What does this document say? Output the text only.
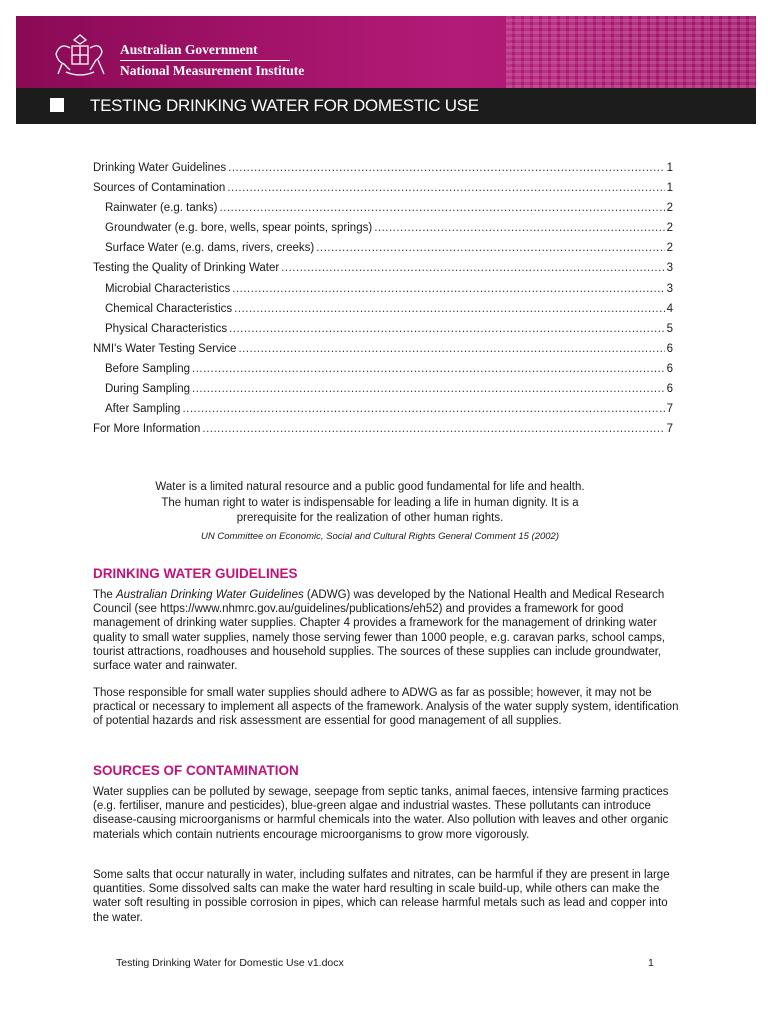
Australian Government
National Measurement Institute
TESTING DRINKING WATER FOR DOMESTIC USE
Drinking Water Guidelines .....	1
Sources of Contamination .....	1
Rainwater (e.g. tanks) .....	2
Groundwater (e.g. bore, wells, spear points, springs) .....	2
Surface Water (e.g. dams, rivers, creeks) .....	2
Testing the Quality of Drinking Water .....	3
Microbial Characteristics .....	3
Chemical Characteristics .....	4
Physical Characteristics .....	5
NMI's Water Testing Service .....	6
Before Sampling .....	6
During Sampling .....	6
After Sampling .....	7
For More Information .....	7
Water is a limited natural resource and a public good fundamental for life and health. The human right to water is indispensable for leading a life in human dignity. It is a prerequisite for the realization of other human rights.
UN Committee on Economic, Social and Cultural Rights General Comment 15 (2002)
DRINKING WATER GUIDELINES

The Australian Drinking Water Guidelines (ADWG) was developed by the National Health and Medical Research Council (see https://www.nhmrc.gov.au/guidelines/publications/eh52) and provides a framework for good management of drinking water supplies. Chapter 4 provides a framework for the management of drinking water quality to small water supplies, namely those serving fewer than 1000 people, e.g. caravan parks, school camps, tourist attractions, roadhouses and household supplies. The sources of these supplies can include groundwater, surface water and rainwater.

Those responsible for small water supplies should adhere to ADWG as far as possible; however, it may not be practical or necessary to implement all aspects of the framework. Analysis of the water supply system, identification of potential hazards and risk assessment are essential for good management of all supplies.

SOURCES OF CONTAMINATION

Water supplies can be polluted by sewage, seepage from septic tanks, animal faeces, intensive farming practices (e.g. fertiliser, manure and pesticides), blue-green algae and industrial wastes. These pollutants can introduce disease-causing microorganisms or harmful chemicals into the water. Also pollution with leaves and other organic materials which contain nutrients encourage microorganisms to grow more vigorously.

Some salts that occur naturally in water, including sulfates and nitrates, can be harmful if they are present in large quantities. Some dissolved salts can make the water hard resulting in scale build-up, while others can make the water soft resulting in possible corrosion in pipes, which can release harmful metals such as lead and copper into the water.

Testing Drinking Water for Domestic Use v1.docx	1
